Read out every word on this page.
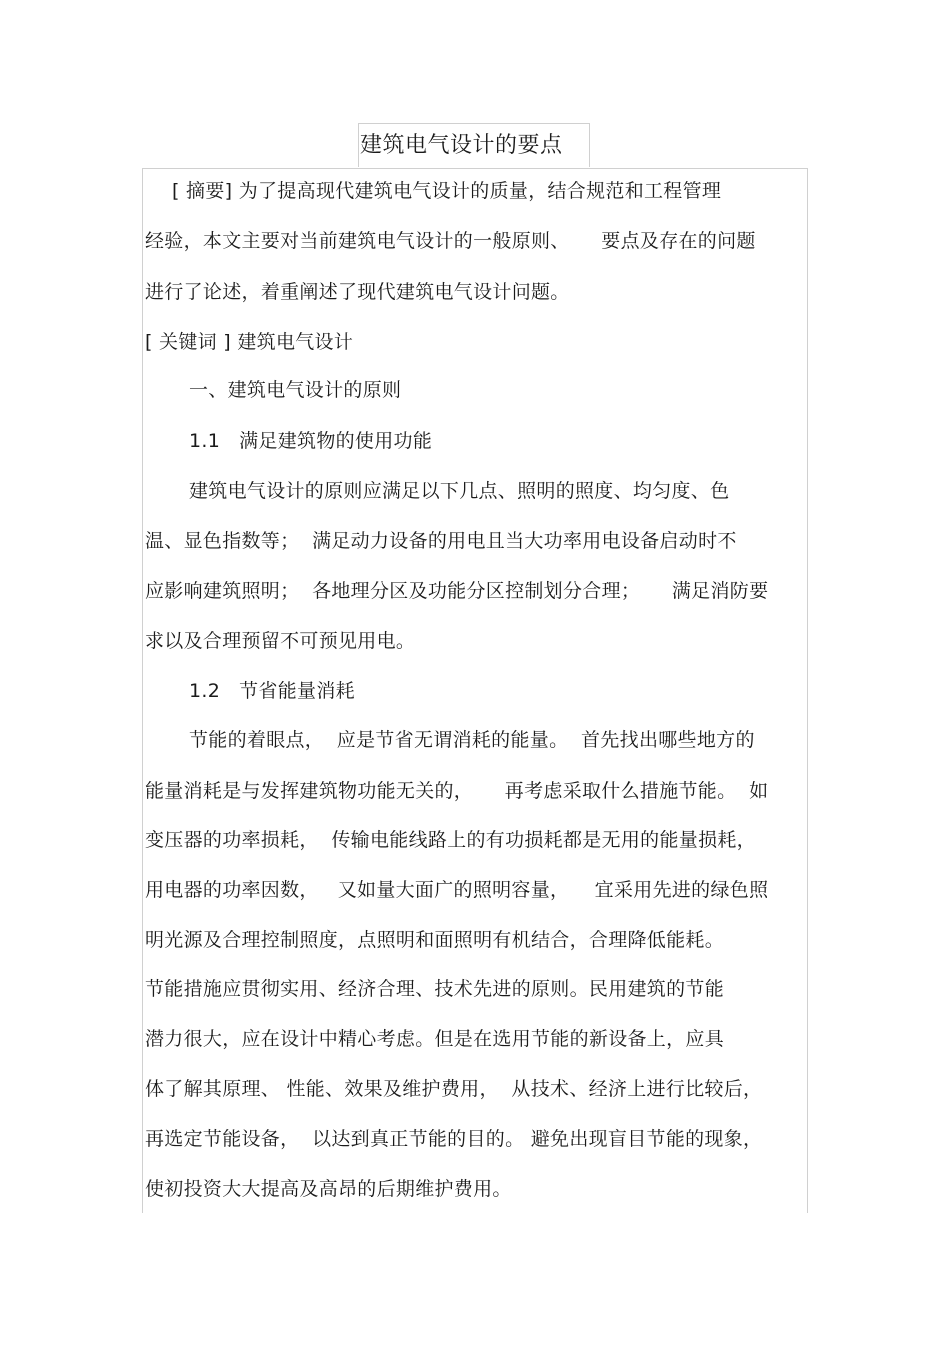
建筑电气设计的要点
[ 摘要] 为了提高现代建筑电气设计的质量，结合规范和工程管理
经验，本文主要对当前建筑电气设计的一般原则、     要点及存在的问题
进行了论述，着重阐述了现代建筑电气设计问题。
[ 关键词 ] 建筑电气设计
一、建筑电气设计的原则
1.1   满足建筑物的使用功能
建筑电气设计的原则应满足以下几点、照明的照度、均匀度、色
温、显色指数等；  满足动力设备的用电且当大功率用电设备启动时不
应影响建筑照明；  各地理分区及功能分区控制划分合理；     满足消防要
求以及合理预留不可预见用电。
1.2   节省能量消耗
节能的着眼点，  应是节省无谓消耗的能量。  首先找出哪些地方的
能量消耗是与发挥建筑物功能无关的，     再考虑采取什么措施节能。  如
变压器的功率损耗，  传输电能线路上的有功损耗都是无用的能量损耗，
用电器的功率因数，   又如量大面广的照明容量，    宜采用先进的绿色照
明光源及合理控制照度，点照明和面照明有机结合，合理降低能耗。
节能措施应贯彻实用、经济合理、技术先进的原则。民用建筑的节能
潜力很大，应在设计中精心考虑。但是在选用节能的新设备上，应具
体了解其原理、 性能、效果及维护费用，  从技术、经济上进行比较后，
再选定节能设备，  以达到真正节能的目的。 避免出现盲目节能的现象，
使初投资大大提高及高昂的后期维护费用。
